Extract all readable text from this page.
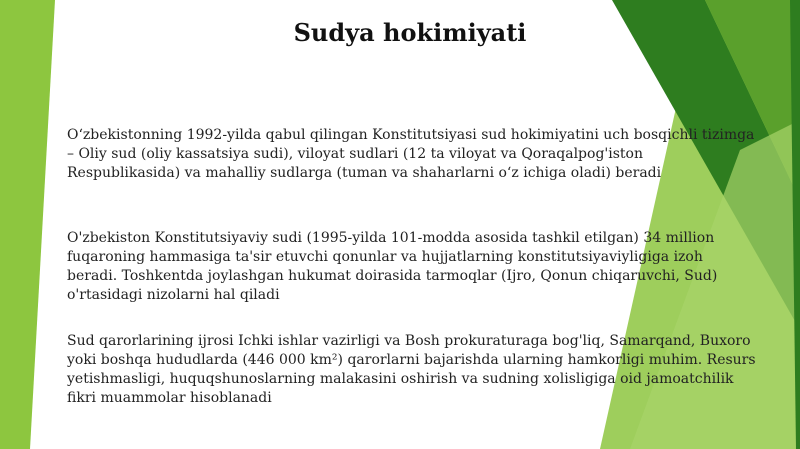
Sudya hokimiyati

O‘zbekistonning 1992-yilda qabul qilingan Konstitutsiyasi sud hokimiyatini uch bosqichli tizimga – Oliy sud (oliy kassatsiya sudi), viloyat sudlari (12 ta viloyat va Qoraqalpog'iston Respublikasida) va mahalliy sudlarga (tuman va shaharlarni o‘z ichiga oladi) beradi

O'zbekiston Konstitutsiyaviy sudi (1995-yilda 101-modda asosida tashkil etilgan) 34 million fuqaroning hammasiga ta'sir etuvchi qonunlar va hujjatlarning konstitutsiyaviyligiga izoh beradi. Toshkentda joylashgan hukumat doirasida tarmoqlar (Ijro, Qonun chiqaruvchi, Sud) o'rtasidagi nizolarni hal qiladi

Sud qarorlarining ijrosi Ichki ishlar vazirligi va Bosh prokuraturaga bog'liq, Samarqand, Buxoro yoki boshqa hududlarda (446 000 km²) qarorlarni bajarishda ularning hamkorligi muhim. Resurs yetishmasligi, huquqshunoslarning malakasini oshirish va sudning xolisligiga oid jamoatchilik fikri muammolar hisoblanadi
